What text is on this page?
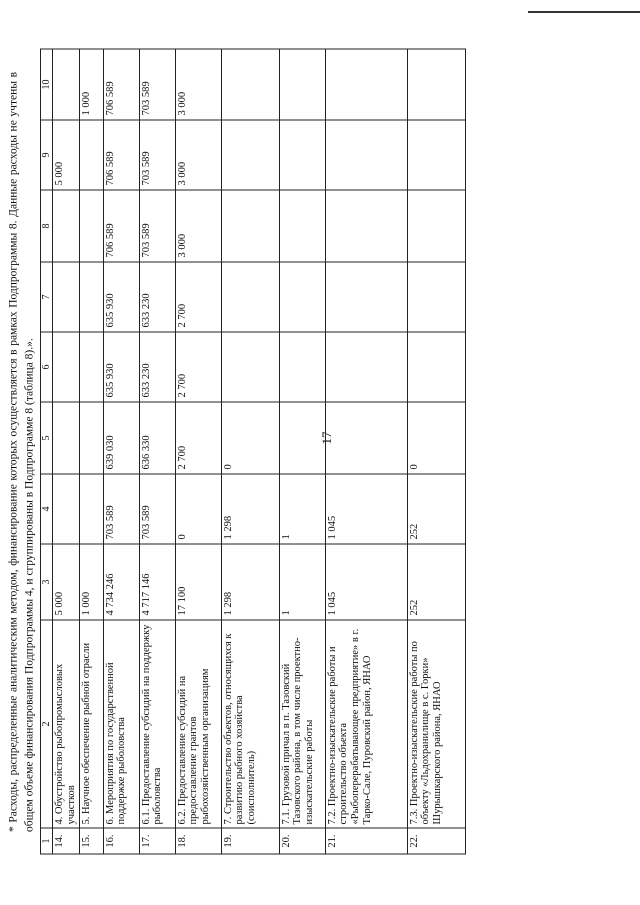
17
1	2	3	4	5	6	7	8	9	10
14.	4. Обустройство рыбопромысловых участков	5 000						5 000	
15.	5. Научное обеспечение рыбной отрасли	1 000							1 000
16.	6. Мероприятия по государственной поддержке рыболовства	4 734 246	703 589	639 030	635 930	635 930	706 589	706 589	706 589
17.	6.1. Предоставление субсидий на поддержку рыболовства	4 717 146	703 589	636 330	633 230	633 230	703 589	703 589	703 589
18.	6.2. Предоставление субсидий на предоставление грантов рыбохозяйственным организациям	17 100	0	2 700	2 700	2 700	3 000	3 000	3 000
19.	7. Строительство объектов, относящихся к развитию рыбного хозяйства (соисполнитель)	1 298	1 298	0					
20.	7.1. Грузовой причал в п. Тазовский Тазовского района, в том числе проектно-изыскательские работы	1	1						
21.	7.2. Проектно-изыскательские работы и строительство объекта «Рыбоперерабатывающее предприятие» в г. Тарко-Сале, Пуровский район, ЯНАО	1 045	1 045						
22.	7.3. Проектно-изыскательские работы по объекту «Льдохранилище в с. Горки» Шурышкарского района, ЯНАО	252	252	0					
* Расходы, распределенные аналитическим методом, финансирование которых осуществляется в рамках Подпрограммы 8. Данные расходы не учтены в общем объеме финансирования Подпрограммы 4, и сгруппированы в Подпрограмме 8 (таблица 8).».
